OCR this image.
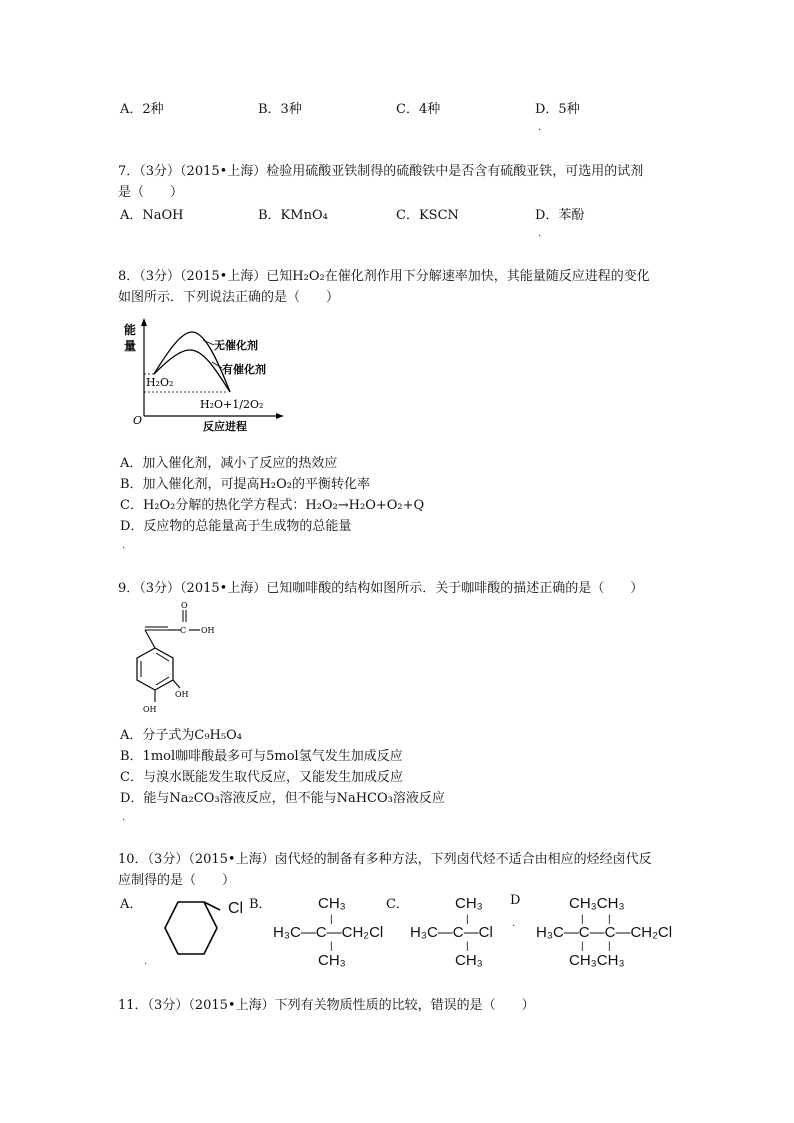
A．2种	B．3种	C．4种	D．5种
.
7．（3分）（2015•上海）检验用硫酸亚铁制得的硫酸铁中是否含有硫酸亚铁，可选用的试剂
是（　　）
A．NaOH	B．KMnO₄	C．KSCN	D．苯酚
.
8．（3分）（2015•上海）已知H₂O₂在催化剂作用下分解速率加快，其能量随反应进程的变化
如图所示．下列说法正确的是（　　）
能
量
O	反应进程
无催化剂
有催化剂
H₂O₂
H₂O+1/2O₂
A．加入催化剂，减小了反应的热效应
B．加入催化剂，可提高H₂O₂的平衡转化率
C．H₂O₂分解的热化学方程式：H₂O₂→H₂O+O₂+Q
D．反应物的总能量高于生成物的总能量
.
9．（3分）（2015•上海）已知咖啡酸的结构如图所示．关于咖啡酸的描述正确的是（　　）
C
O
OH
OH
OH
A．分子式为C₉H₅O₄
B．1mol咖啡酸最多可与5mol氢气发生加成反应
C．与溴水既能发生取代反应，又能发生加成反应
D．能与Na₂CO₃溶液反应，但不能与NaHCO₃溶液反应
.
10．（3分）（2015•上海）卤代烃的制备有多种方法，下列卤代烃不适合由相应的烃经卤代反
应制得的是（　　）
A．	Cl
.
B．	CH₃
|
H₃C—C—CH₂Cl
|
CH₃
C．	CH₃
|
H₃C—C—Cl
|
CH₃
D
.
CH₃CH₃
| |
H₃C—C—C—CH₂Cl
| |
CH₃CH₃
11．（3分）（2015•上海）下列有关物质性质的比较，错误的是（　　）
